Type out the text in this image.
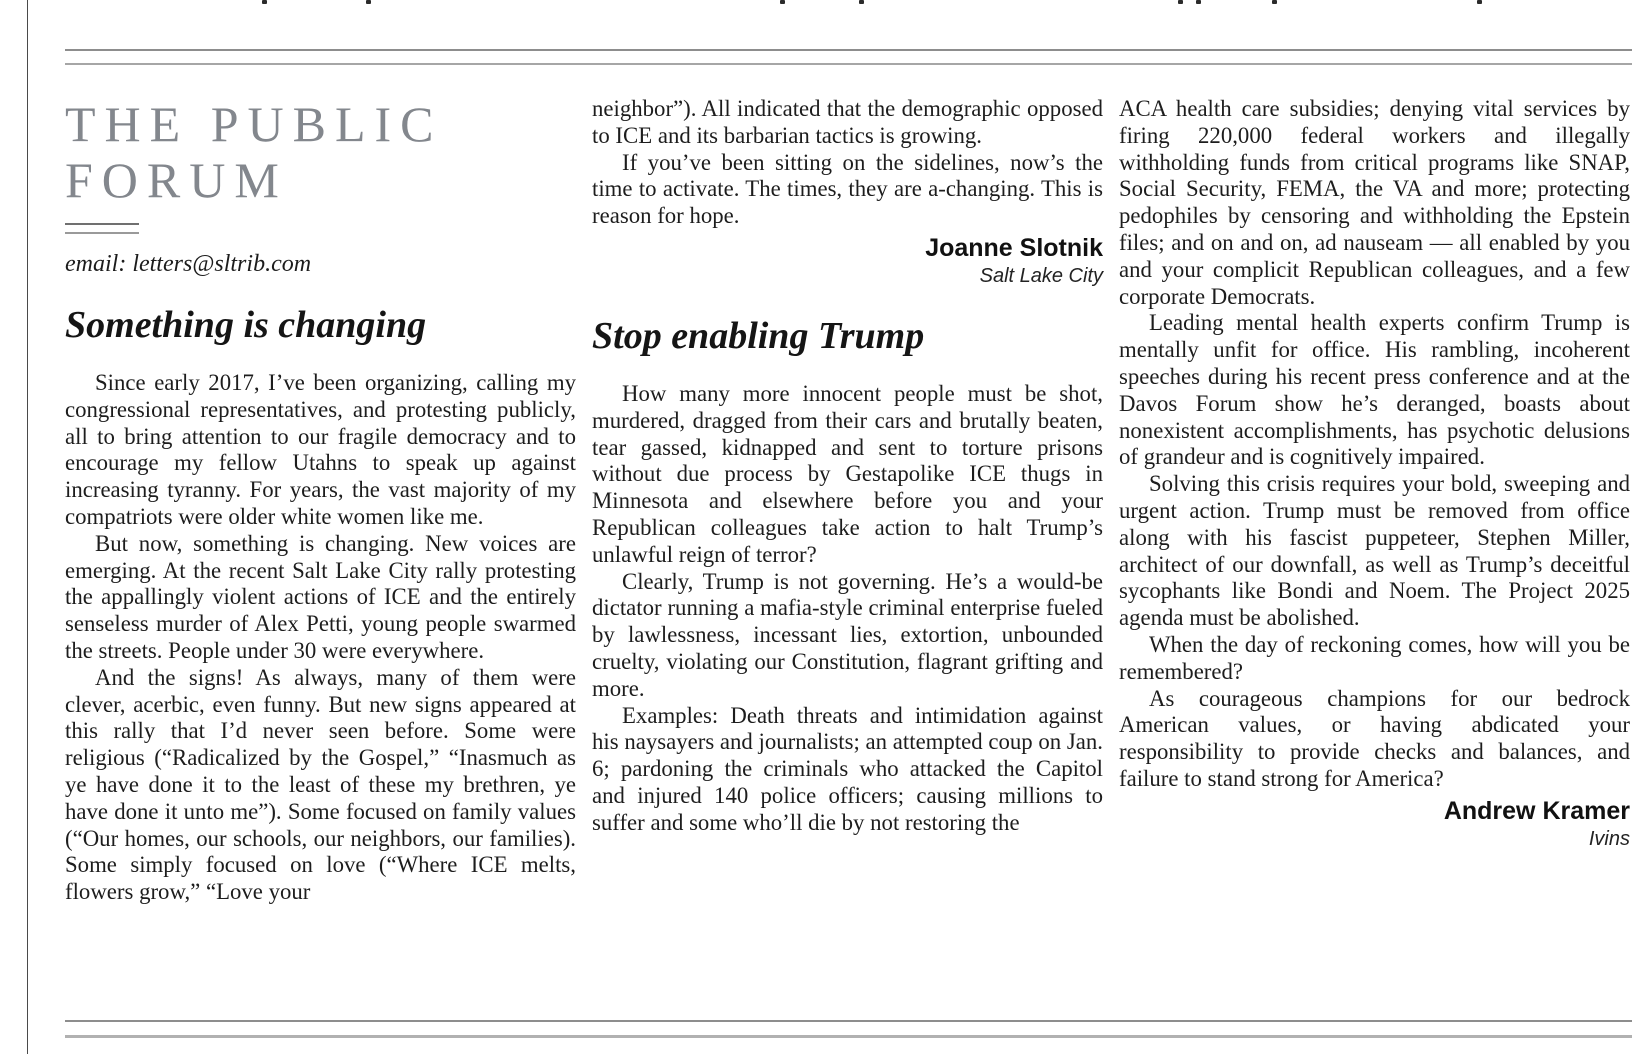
THE PUBLIC
FORUM
email: letters@sltrib.com
Something is changing

Since early 2017, I’ve been organizing, calling my congressional representatives, and protesting publicly, all to bring attention to our fragile democracy and to encourage my fellow Utahns to speak up against increasing tyranny. For years, the vast majority of my compatriots were older white women like me.

But now, something is changing. New voices are emerging. At the recent Salt Lake City rally protesting the appallingly violent actions of ICE and the entirely senseless murder of Alex Petti, young people swarmed the streets. People under 30 were everywhere.

And the signs! As always, many of them were clever, acerbic, even funny. But new signs appeared at this rally that I’d never seen before. Some were religious (“Radicalized by the Gospel,” “Inasmuch as ye have done it to the least of these my brethren, ye have done it unto me”). Some focused on family values (“Our homes, our schools, our neighbors, our families). Some simply focused on love (“Where ICE melts, flowers grow,” “Love your

neighbor”). All indicated that the demographic opposed to ICE and its barbarian tactics is growing.

If you’ve been sitting on the sidelines, now’s the time to activate. The times, they are a-changing. This is reason for hope.

Joanne Slotnik

Salt Lake City

Stop enabling Trump

How many more innocent people must be shot, murdered, dragged from their cars and brutally beaten, tear gassed, kidnapped and sent to torture prisons without due process by Gestapolike ICE thugs in Minnesota and elsewhere before you and your Republican colleagues take action to halt Trump’s unlawful reign of terror?

Clearly, Trump is not governing. He’s a would-be dictator running a mafia-style criminal enterprise fueled by lawlessness, incessant lies, extortion, unbounded cruelty, violating our Constitution, flagrant grifting and more.

Examples: Death threats and intimidation against his naysayers and journalists; an attempted coup on Jan. 6; pardoning the criminals who attacked the Capitol and injured 140 police officers; causing millions to suffer and some who’ll die by not restoring the

ACA health care subsidies; denying vital services by firing 220,000 federal workers and illegally withholding funds from critical programs like SNAP, Social Security, FEMA, the VA and more; protecting pedophiles by censoring and withholding the Epstein files; and on and on, ad nauseam — all enabled by you and your complicit Republican colleagues, and a few corporate Democrats.

Leading mental health experts confirm Trump is mentally unfit for office. His rambling, incoherent speeches during his recent press conference and at the Davos Forum show he’s deranged, boasts about nonexistent accomplishments, has psychotic delusions of grandeur and is cognitively impaired.

Solving this crisis requires your bold, sweeping and urgent action. Trump must be removed from office along with his fascist puppeteer, Stephen Miller, architect of our downfall, as well as Trump’s deceitful sycophants like Bondi and Noem. The Project 2025 agenda must be abolished.

When the day of reckoning comes, how will you be remembered?

As courageous champions for our bedrock American values, or having abdicated your responsibility to provide checks and balances, and failure to stand strong for America?

Andrew Kramer

Ivins
